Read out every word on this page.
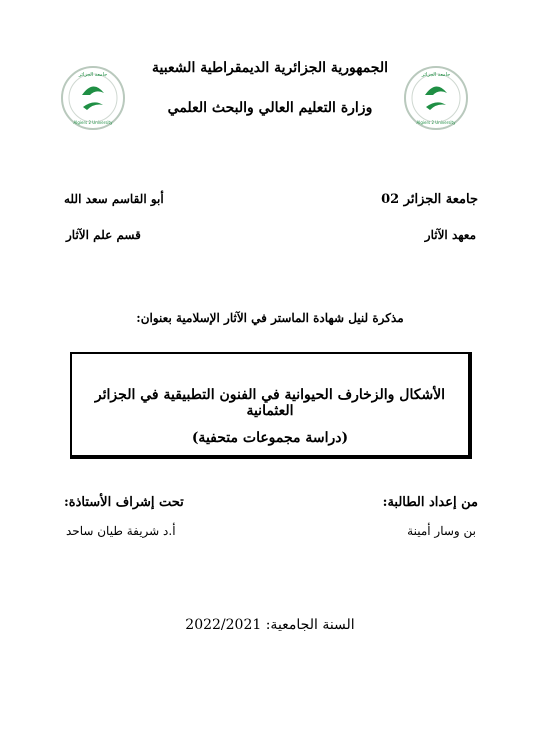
جامعة الجزائر
Algiers 2 University
جامعة الجزائر
Algiers 2 University
الجمهورية الجزائرية الديمقراطية الشعبية
وزارة التعليم العالي والبحث العلمي
جامعة الجزائر 02
أبو القاسم سعد الله
معهد الآثار
قسم علم الآثار
مذكرة لنيل شهادة الماستر في الآثار الإسلامية بعنوان:
الأشكال والزخارف الحيوانية في الفنون التطبيقية في الجزائر العثمانية
(دراسة مجموعات متحفية)
من إعداد الطالبة:
تحت إشراف الأستاذة:
بن وسار أمينة
أ.د شريفة طيان ساحد
السنة الجامعية: 2022/2021
